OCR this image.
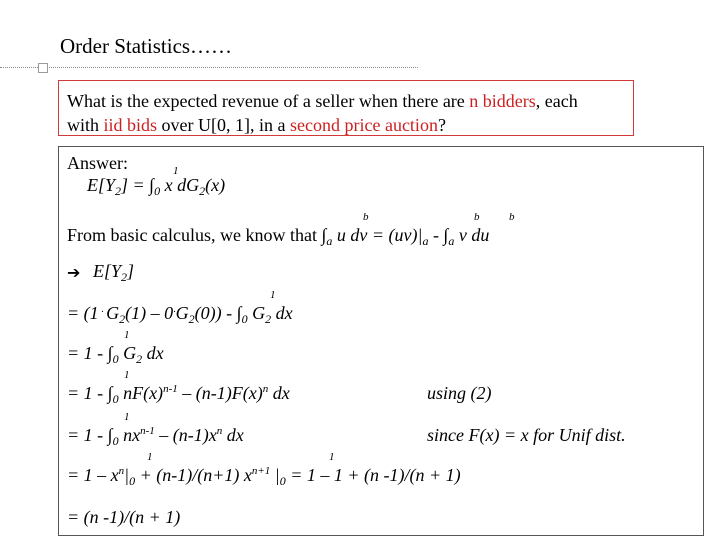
Order Statistics……
What is the expected revenue of a seller when there are n bidders, each
with iid bids over U[0, 1], in a second price auction?
Answer:
$E[Y_2] = \int_0$ x $dG_2(x)$
1
From basic calculus, we know that $\int_a$ u dv = $(uv)|_a - \int_a$ v du
b	b	b
➔ $E[Y_2]$
= (1 · $G_2(1) - 0^\cdot G_2(0)) - \int_0$ $G_2$ dx
1
= $1 - \int_0$ $G_2$ dx
1
= $1 - \int_0$ $nF(x)^{n-1} - (n-1)F(x)^n$ dx
1
using (2)
= $1 - \int_0$ $nx^{n-1} - (n-1)x^n$ dx
1
since F(x) = x for Unif dist.
= $1 - x^n|_0 + (n-1)/(n+1)$ $x^{n+1}$ $|_0 = 1 - 1 + (n$ -1)/(n + 1)
1	1
= (n -1)/(n + 1)
